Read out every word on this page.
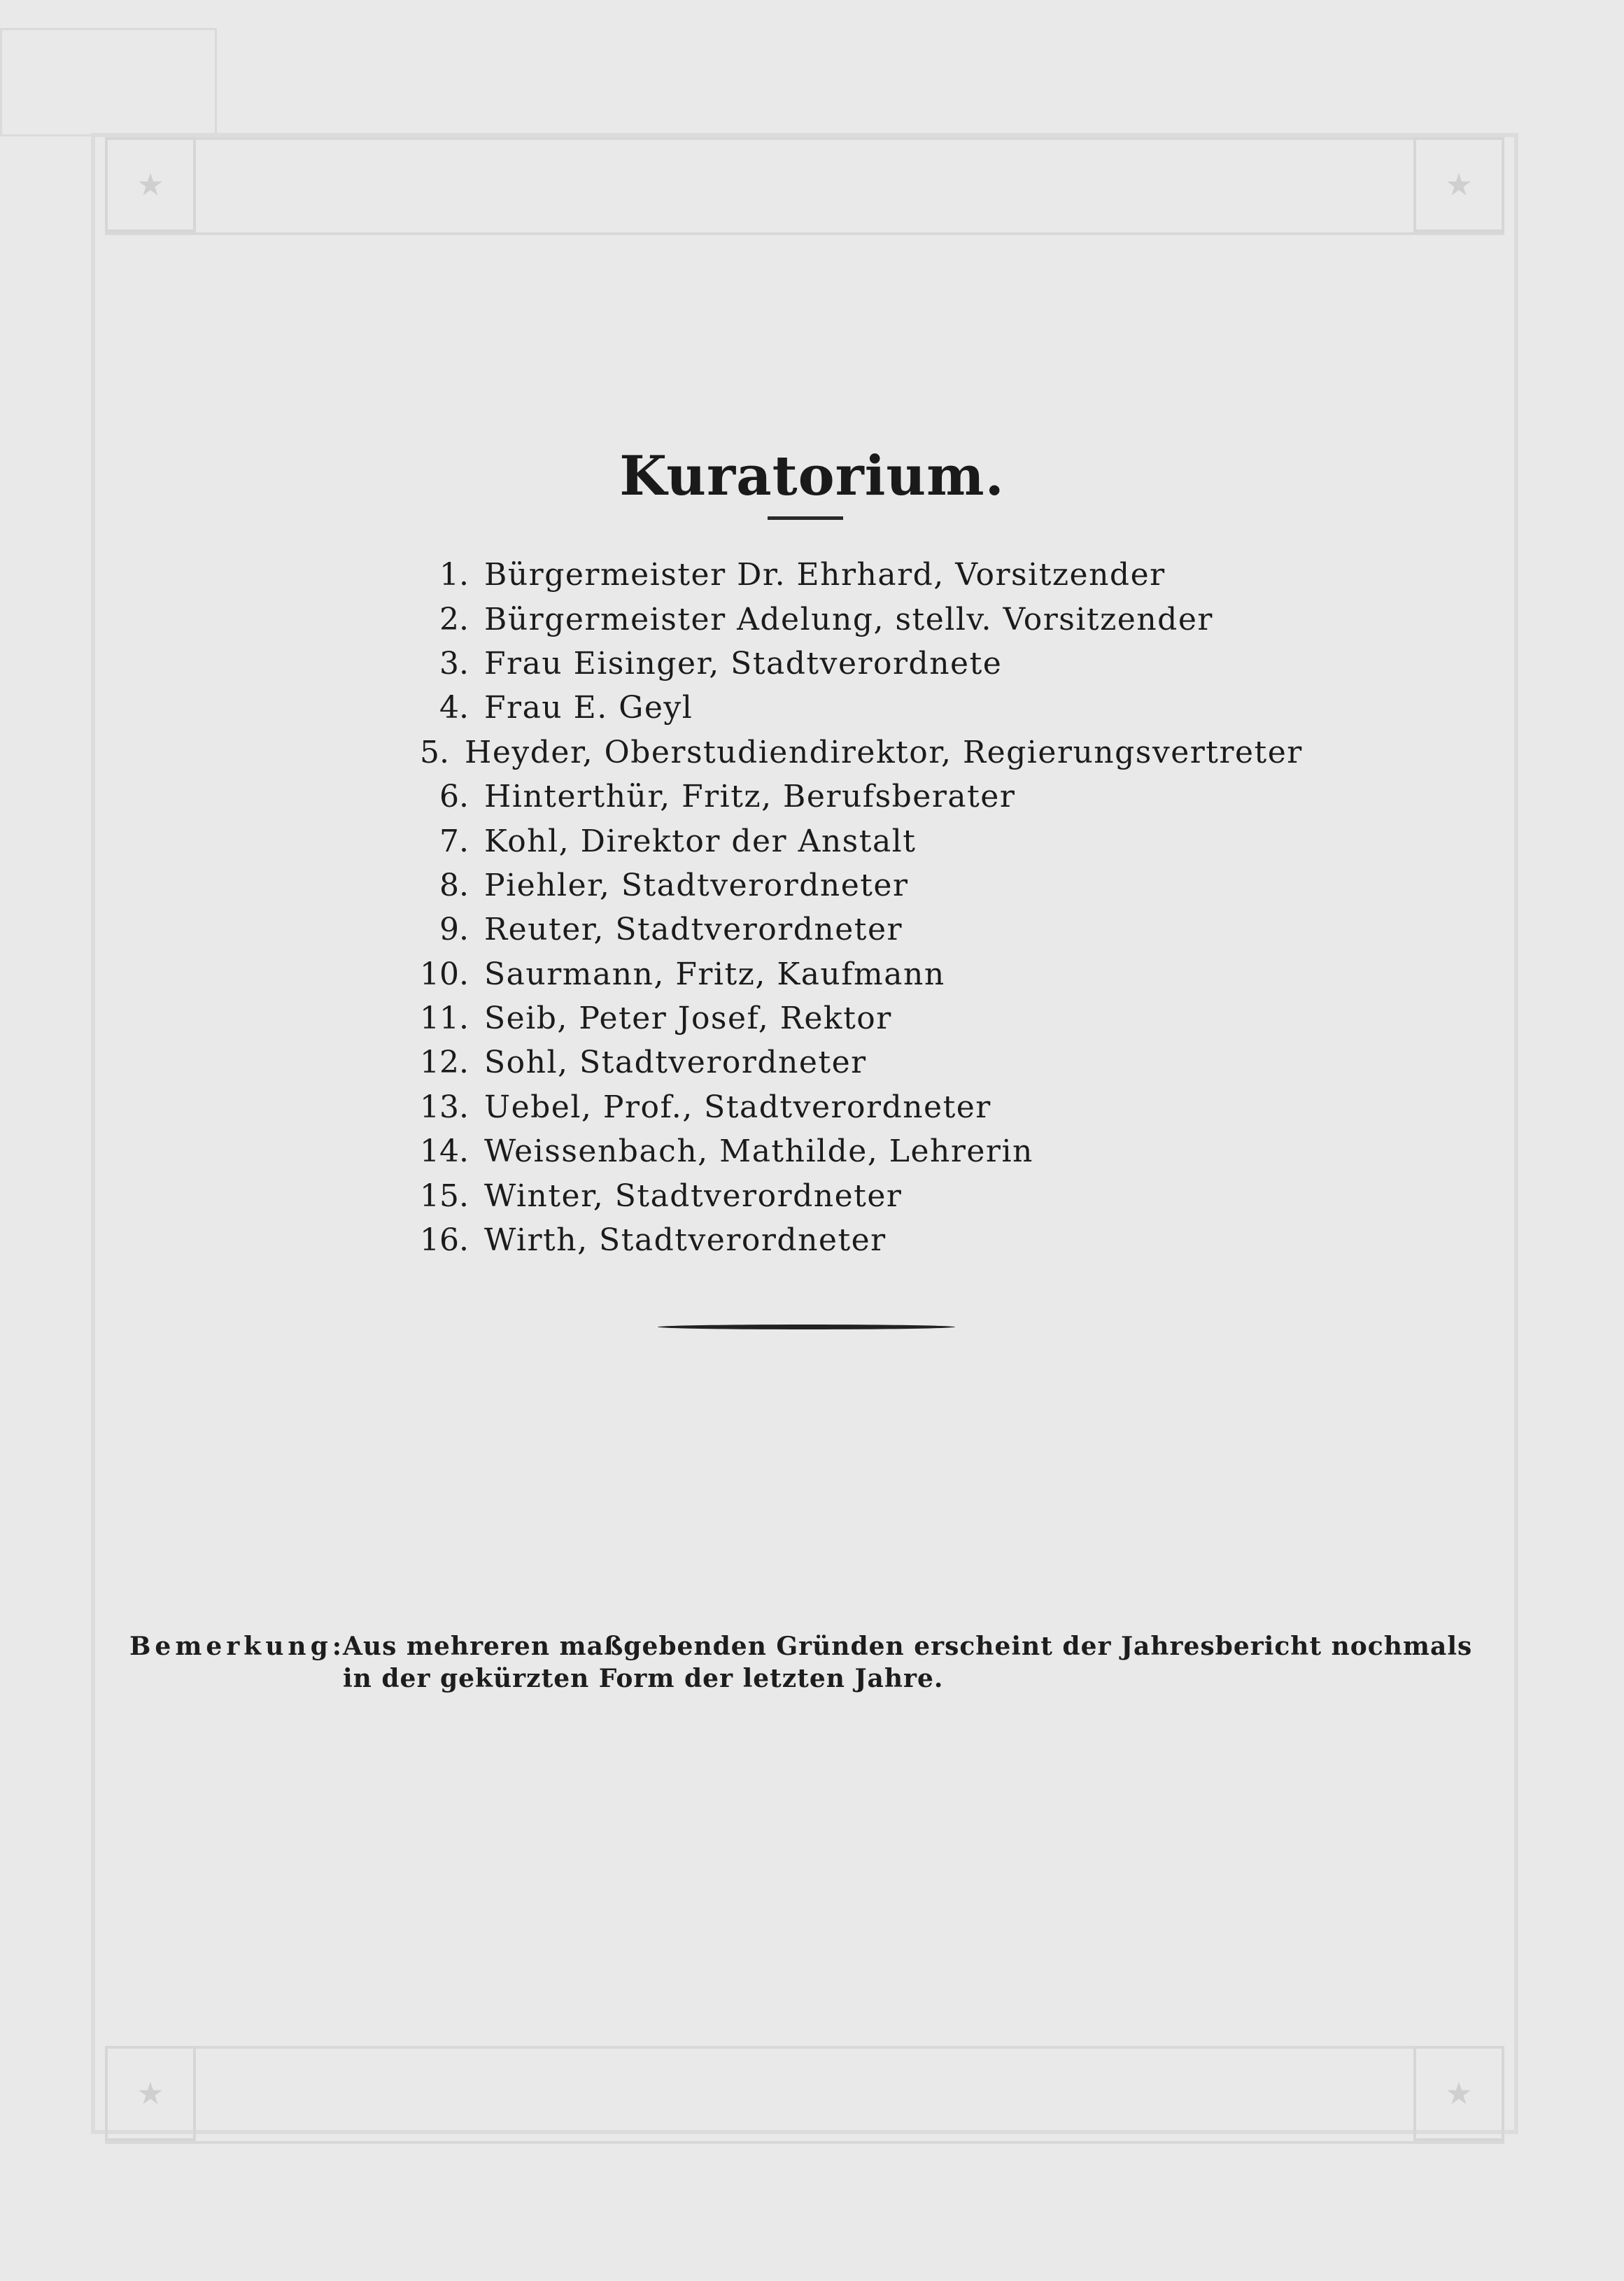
★	★
★	★
Kuratorium.
1. Bürgermeister Dr. Ehrhard, Vorsitzender
2. Bürgermeister Adelung, stellv. Vorsitzender
3. Frau Eisinger, Stadtverordnete
4. Frau E. Geyl
5. Heyder, Oberstudiendirektor, Regierungsvertreter
6. Hinterthür, Fritz, Berufsberater
7. Kohl, Direktor der Anstalt
8. Piehler, Stadtverordneter
9. Reuter, Stadtverordneter
10. Saurmann, Fritz, Kaufmann
11. Seib, Peter Josef, Rektor
12. Sohl, Stadtverordneter
13. Uebel, Prof., Stadtverordneter
14. Weissenbach, Mathilde, Lehrerin
15. Winter, Stadtverordneter
16. Wirth, Stadtverordneter
Bemerkung:
Aus mehreren maßgebenden Gründen erscheint der Jahresbericht nochmals in der gekürzten Form der letzten Jahre.
